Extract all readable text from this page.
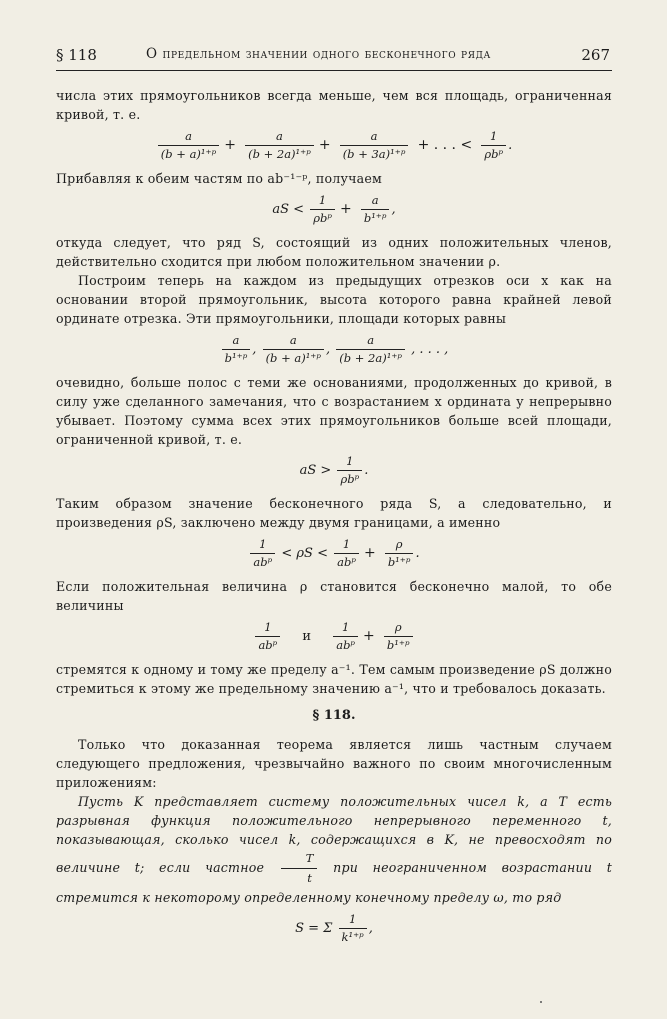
§ 118	О предельном значении одного бесконечного ряда	267

числа этих прямоугольников всегда меньше, чем вся площадь, ограниченная кривой, т. е.

$\frac{a}{\text{(b + a)¹⁺ᵖ}} + \frac{a}{\text{(b + 2a)¹⁺ᵖ}} + \frac{a}{\text{(b + 3a)¹⁺ᵖ}}$ + . . . < $\frac{1}{\text{ρbᵖ}}$ .

Прибавляя к обеим частям по ab⁻¹⁻ᵖ, получаем

aS < $\frac{1}{\text{ρbᵖ}} + \frac{a}{\text{b¹⁺ᵖ}}$ ,

откуда следует, что ряд S, состоящий из одних положительных членов, действительно сходится при любом положительном значении ρ.

Построим теперь на каждом из предыдущих отрезков оси x как на основании второй прямоугольник, высота которого равна крайней левой ординате отрезка. Эти прямоугольники, площади которых равны

$\frac{a}{\text{b¹⁺ᵖ}}$ , $\frac{a}{\text{(b + a)¹⁺ᵖ}}$ , $\frac{a}{\text{(b + 2a)¹⁺ᵖ}}$ , . . . ,

очевидно, больше полос с теми же основаниями, продолженных до кривой, в силу уже сделанного замечания, что с возрастанием x ордината y непрерывно убывает. Поэтому сумма всех этих прямоугольников больше всей площади, ограниченной кривой, т. е.

aS > $\frac{1}{\text{ρbᵖ}}$ .

Таким образом значение бесконечного ряда S, а следовательно, и произведения ρS, заключено между двумя границами, а именно

$\frac{1}{\text{abᵖ}} < \rho S < \frac{1}{\text{abᵖ}} + \frac{\rho}{\text{b¹⁺ᵖ}}$ .

Если положительная величина ρ становится бесконечно малой, то обе величины

$\frac{1}{\text{abᵖ}}$ и $\frac{1}{\text{abᵖ}} + \frac{\rho}{\text{b¹⁺ᵖ}}$

стремятся к одному и тому же пределу a⁻¹. Тем самым произведение ρS должно стремиться к этому же предельному значению a⁻¹, что и требовалось доказать.

§ 118.

Только что доказанная теорема является лишь частным случаем следующего предложения, чрезвычайно важного по своим многочисленным приложениям:

Пусть K представляет систему положительных чисел k, а T есть разрывная функция положительного непрерывного переменного t, показывающая, сколько чисел k, содержащихся в K, не превосходят по величине t; если частное $\frac{T}{t}$ при неограниченном возрастании t стремится к некоторому определенному конечному пределу ω, то ряд

S = Σ $\frac{1}{\text{k¹⁺ᵖ}}$ ,
